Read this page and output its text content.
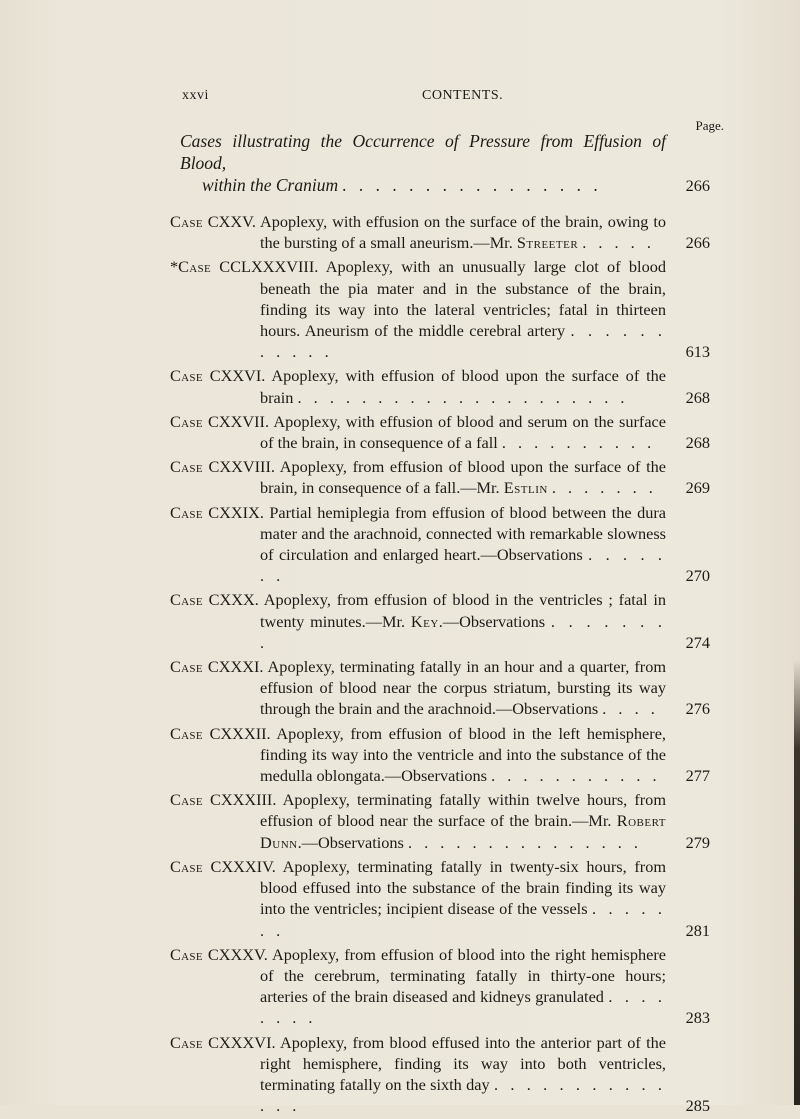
xxvi	CONTENTS.
Page.
Cases illustrating the Occurrence of Pressure from Effusion of Blood,
within the Cranium . . . . . . . . . . . . . . . .	266
Case CXXV. Apoplexy, with effusion on the surface of the brain, owing to the bursting of a small aneurism.—Mr. Streeter . . . . .	266
*Case CCLXXXVIII. Apoplexy, with an unusually large clot of blood beneath the pia mater and in the substance of the brain, finding its way into the lateral ventricles; fatal in thirteen hours. Aneurism of the middle cerebral artery . . . . . . . . . . .	613
Case CXXVI. Apoplexy, with effusion of blood upon the surface of the brain . . . . . . . . . . . . . . . . . . . . .	268
Case CXXVII. Apoplexy, with effusion of blood and serum on the surface of the brain, in consequence of a fall . . . . . . . . . .	268
Case CXXVIII. Apoplexy, from effusion of blood upon the surface of the brain, in consequence of a fall.—Mr. Estlin . . . . . . .	269
Case CXXIX. Partial hemiplegia from effusion of blood between the dura mater and the arachnoid, connected with remarkable slowness of circulation and enlarged heart.—Observations . . . . . . .	270
Case CXXX. Apoplexy, from effusion of blood in the ventricles ; fatal in twenty minutes.—Mr. Key.—Observations . . . . . . . .	274
Case CXXXI. Apoplexy, terminating fatally in an hour and a quarter, from effusion of blood near the corpus striatum, bursting its way through the brain and the arachnoid.—Observations . . . .	276
Case CXXXII. Apoplexy, from effusion of blood in the left hemisphere, finding its way into the ventricle and into the substance of the medulla oblongata.—Observations . . . . . . . . . . .	277
Case CXXXIII. Apoplexy, terminating fatally within twelve hours, from effusion of blood near the surface of the brain.—Mr. Robert Dunn.—Observations . . . . . . . . . . . . . . .	279
Case CXXXIV. Apoplexy, terminating fatally in twenty-six hours, from blood effused into the substance of the brain finding its way into the ventricles; incipient disease of the vessels . . . . . . .	281
Case CXXXV. Apoplexy, from effusion of blood into the right hemisphere of the cerebrum, terminating fatally in thirty-one hours; arteries of the brain diseased and kidneys granulated . . . . . . . .	283
Case CXXXVI. Apoplexy, from blood effused into the anterior part of the right hemisphere, finding its way into both ventricles, terminating fatally on the sixth day . . . . . . . . . . . . . .	285
